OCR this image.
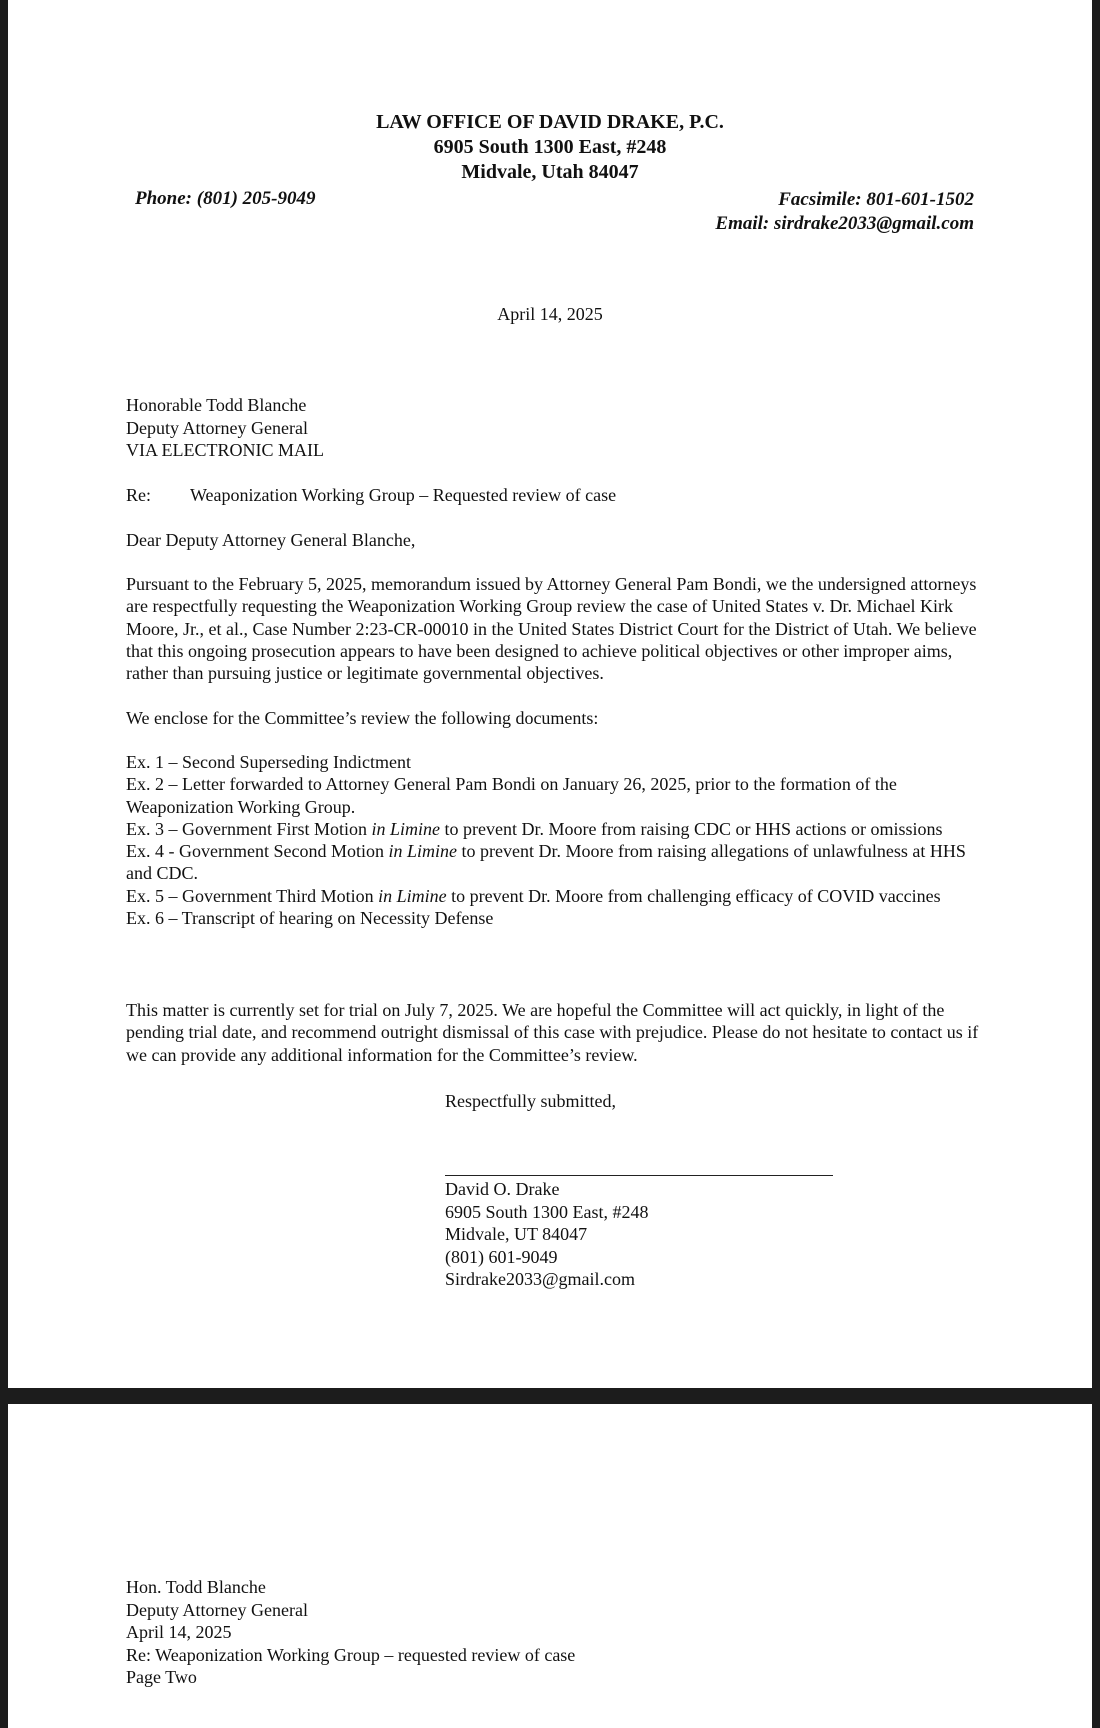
LAW OFFICE OF DAVID DRAKE, P.C.
6905 South 1300 East, #248
Midvale, Utah 84047
Phone: (801) 205-9049	Facsimile: 801-601-1502
Email: sirdrake2033@gmail.com
April 14, 2025
Honorable Todd Blanche
Deputy Attorney General
VIA ELECTRONIC MAIL
Re: Weaponization Working Group – Requested review of case
Dear Deputy Attorney General Blanche,

Pursuant to the February 5, 2025, memorandum issued by Attorney General Pam Bondi, we the undersigned attorneys are respectfully requesting the Weaponization Working Group review the case of United States v. Dr. Michael Kirk Moore, Jr., et al., Case Number 2:23-CR-00010 in the United States District Court for the District of Utah. We believe that this ongoing prosecution appears to have been designed to achieve political objectives or other improper aims, rather than pursuing justice or legitimate governmental objectives.

We enclose for the Committee’s review the following documents:
Ex. 1 – Second Superseding Indictment
Ex. 2 – Letter forwarded to Attorney General Pam Bondi on January 26, 2025, prior to the formation of the Weaponization Working Group.
Ex. 3 – Government First Motion in Limine to prevent Dr. Moore from raising CDC or HHS actions or omissions
Ex. 4 - Government Second Motion in Limine to prevent Dr. Moore from raising allegations of unlawfulness at HHS and CDC.
Ex. 5 – Government Third Motion in Limine to prevent Dr. Moore from challenging efficacy of COVID vaccines
Ex. 6 – Transcript of hearing on Necessity Defense

This matter is currently set for trial on July 7, 2025. We are hopeful the Committee will act quickly, in light of the pending trial date, and recommend outright dismissal of this case with prejudice. Please do not hesitate to contact us if we can provide any additional information for the Committee’s review.

Respectfully submitted,
David O. Drake
6905 South 1300 East, #248
Midvale, UT 84047
(801) 601-9049
Sirdrake2033@gmail.com
Hon. Todd Blanche
Deputy Attorney General
April 14, 2025
Re: Weaponization Working Group – requested review of case
Page Two
